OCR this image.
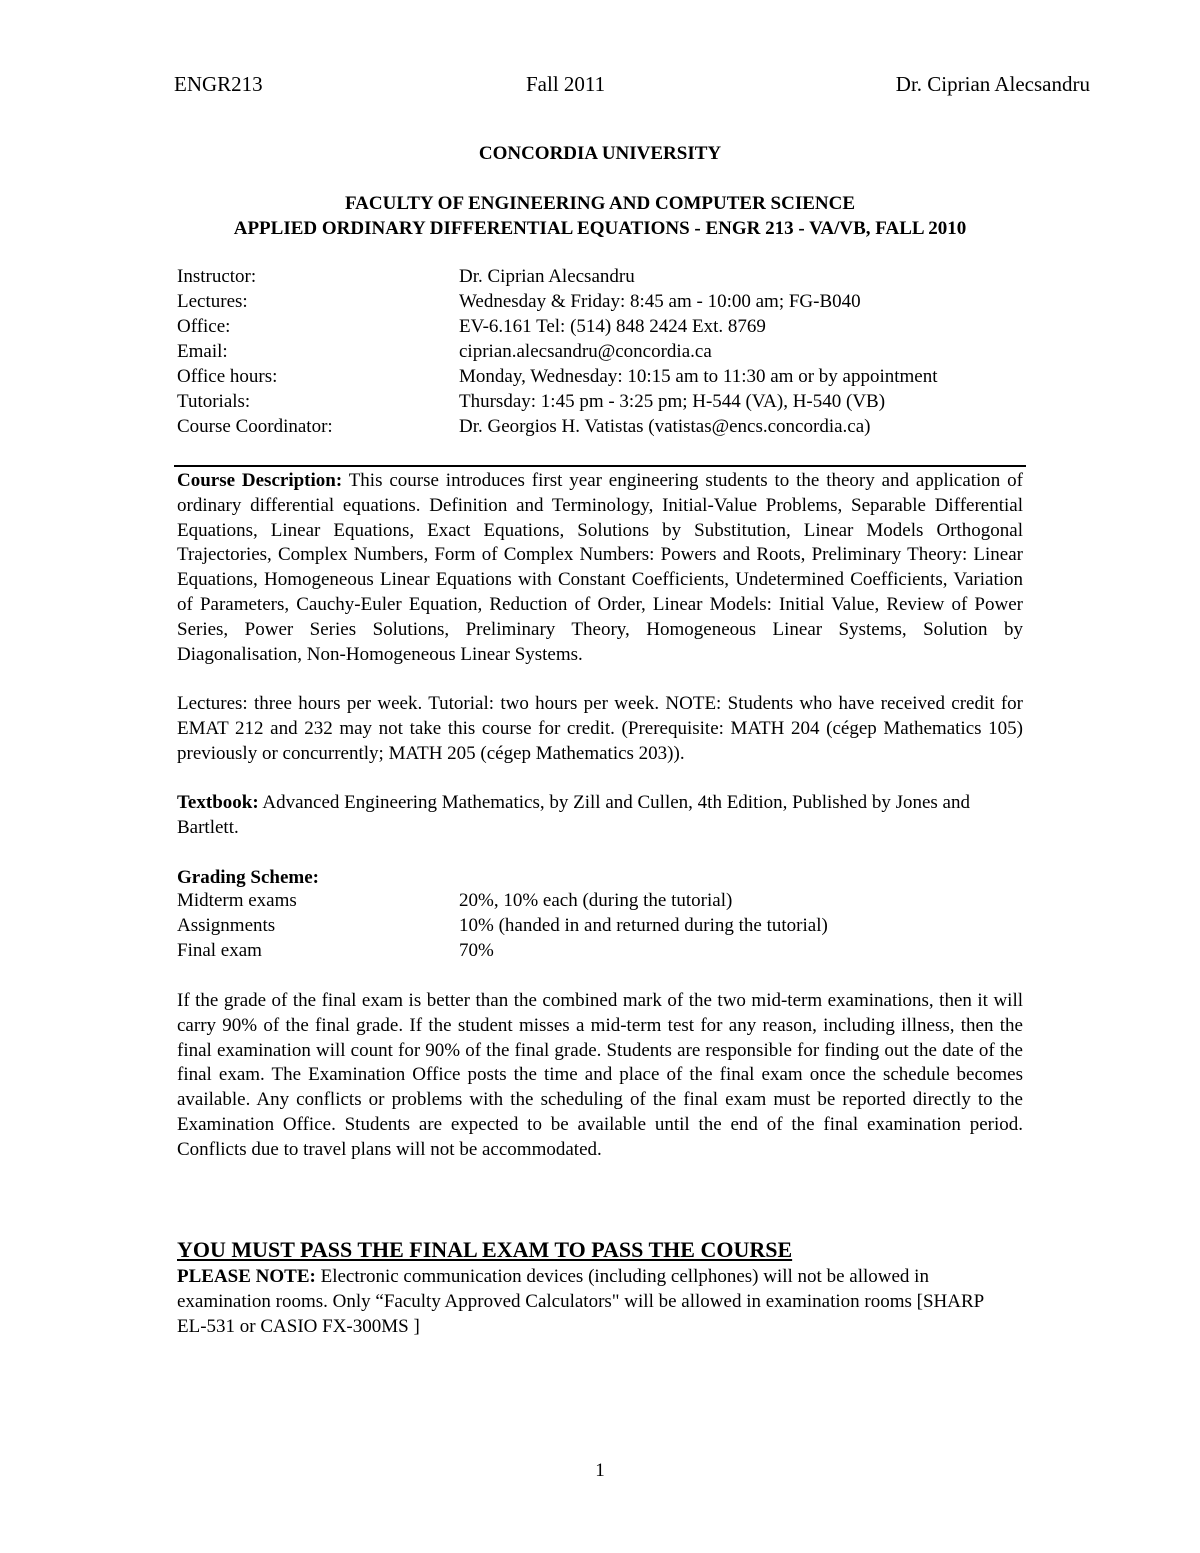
ENGR213	Fall 2011	Dr. Ciprian Alecsandru
CONCORDIA UNIVERSITY
FACULTY OF ENGINEERING AND COMPUTER SCIENCE
APPLIED ORDINARY DIFFERENTIAL EQUATIONS - ENGR 213 - VA/VB, FALL 2010
Instructor:	Dr. Ciprian Alecsandru
Lectures:	Wednesday & Friday: 8:45 am - 10:00 am; FG-B040
Office:	EV-6.161 Tel: (514) 848 2424 Ext. 8769
Email:	ciprian.alecsandru@concordia.ca
Office hours:	Monday, Wednesday: 10:15 am to 11:30 am or by appointment
Tutorials:	Thursday: 1:45 pm - 3:25 pm; H-544 (VA), H-540 (VB)
Course Coordinator:	Dr. Georgios H. Vatistas (vatistas@encs.concordia.ca)
Course Description: This course introduces first year engineering students to the theory and application of ordinary differential equations. Definition and Terminology, Initial-Value Problems, Separable Differential Equations, Linear Equations, Exact Equations, Solutions by Substitution, Linear Models Orthogonal Trajectories, Complex Numbers, Form of Complex Numbers: Powers and Roots, Preliminary Theory: Linear Equations, Homogeneous Linear Equations with Constant Coefficients, Undetermined Coefficients, Variation of Parameters, Cauchy-Euler Equation, Reduction of Order, Linear Models: Initial Value, Review of Power Series, Power Series Solutions, Preliminary Theory, Homogeneous Linear Systems, Solution by Diagonalisation, Non-Homogeneous Linear Systems.
Lectures: three hours per week. Tutorial: two hours per week. NOTE: Students who have received credit for EMAT 212 and 232 may not take this course for credit. (Prerequisite: MATH 204 (cégep Mathematics 105) previously or concurrently; MATH 205 (cégep Mathematics 203)).
Textbook: Advanced Engineering Mathematics, by Zill and Cullen, 4th Edition, Published by Jones and Bartlett.
Grading Scheme:
Midterm exams	20%, 10% each (during the tutorial)
Assignments	10% (handed in and returned during the tutorial)
Final exam	70%
If the grade of the final exam is better than the combined mark of the two mid-term examinations, then it will carry 90% of the final grade. If the student misses a mid-term test for any reason, including illness, then the final examination will count for 90% of the final grade. Students are responsible for finding out the date of the final exam. The Examination Office posts the time and place of the final exam once the schedule becomes available. Any conflicts or problems with the scheduling of the final exam must be reported directly to the Examination Office. Students are expected to be available until the end of the final examination period. Conflicts due to travel plans will not be accommodated.
YOU MUST PASS THE FINAL EXAM TO PASS THE COURSE
PLEASE NOTE: Electronic communication devices (including cellphones) will not be allowed in examination rooms. Only “Faculty Approved Calculators" will be allowed in examination rooms [SHARP EL-531 or CASIO FX-300MS ]
1
